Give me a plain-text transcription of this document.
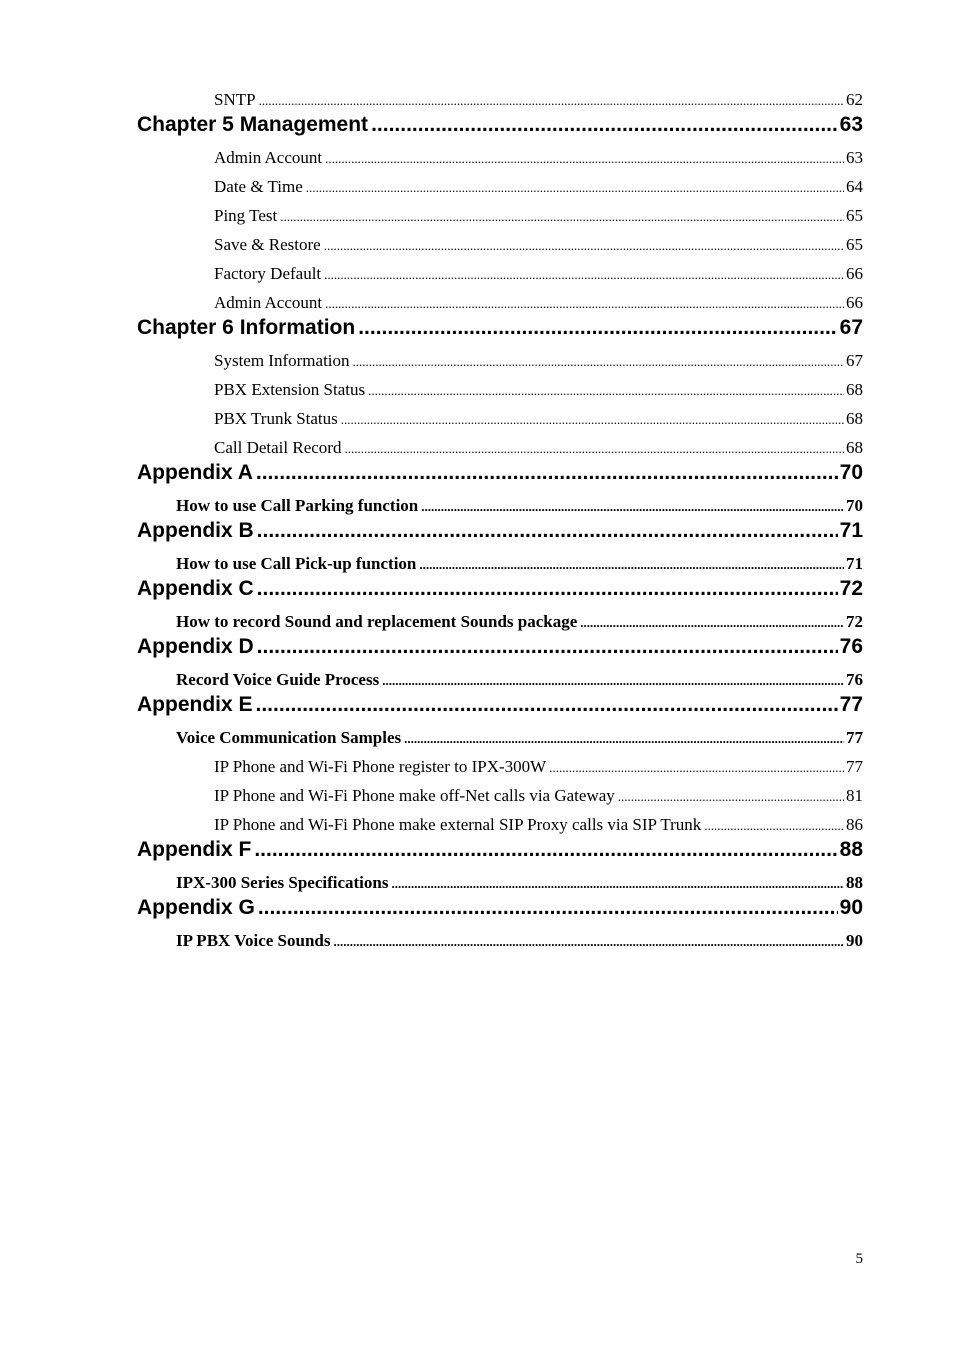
SNTP .....	62
Chapter 5 Management .....	63
Admin Account .....	63
Date & Time .....	64
Ping Test .....	65
Save & Restore .....	65
Factory Default .....	66
Admin Account .....	66
Chapter 6 Information .....	67
System Information .....	67
PBX Extension Status .....	68
PBX Trunk Status .....	68
Call Detail Record .....	68
Appendix A .....	70
How to use Call Parking function .....	70
Appendix B .....	71
How to use Call Pick-up function .....	71
Appendix C .....	72
How to record Sound and replacement Sounds package .....	72
Appendix D .....	76
Record Voice Guide Process .....	76
Appendix E .....	77
Voice Communication Samples .....	77
IP Phone and Wi-Fi Phone register to IPX-300W .....	77
IP Phone and Wi-Fi Phone make off-Net calls via Gateway .....	81
IP Phone and Wi-Fi Phone make external SIP Proxy calls via SIP Trunk .....	86
Appendix F .....	88
IPX-300 Series Specifications .....	88
Appendix G .....	90
IP PBX Voice Sounds .....	90
5
